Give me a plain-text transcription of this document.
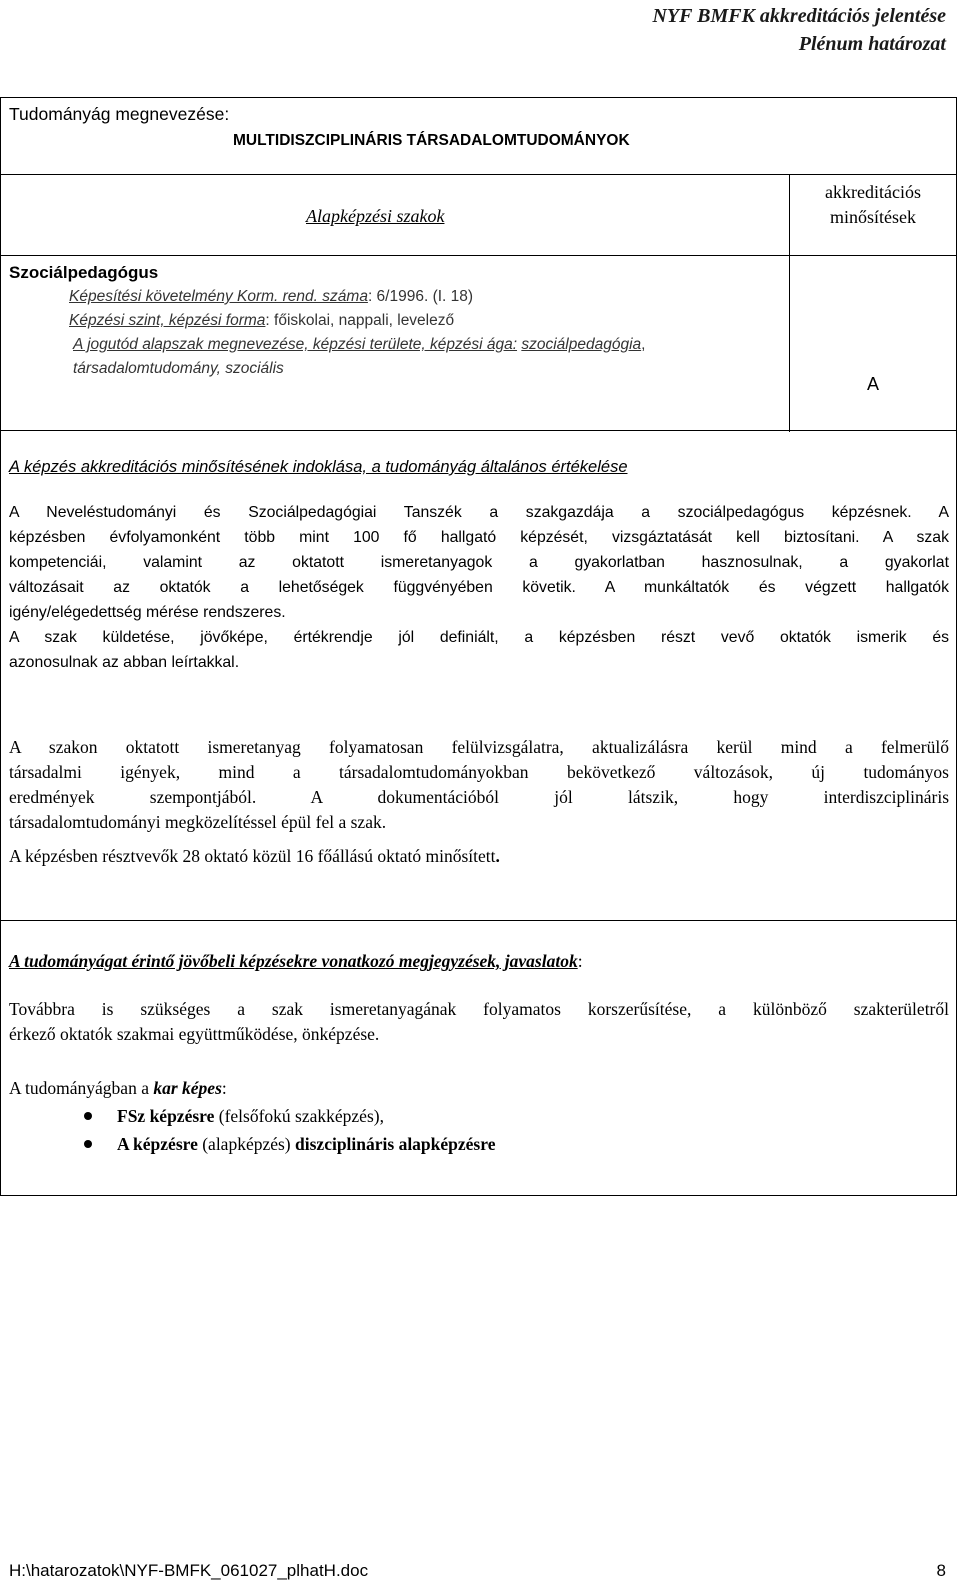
NYF BMFK akkreditációs jelentése
Plénum határozat
Tudományág megnevezése:
MULTIDISZCIPLINÁRIS TÁRSADALOMTUDOMÁNYOK
Alapképzési szakok
akkreditációs
minősítések
Szociálpedagógus
Képesítési követelmény Korm. rend. száma: 6/1996. (I. 18)
Képzési szint, képzési forma: főiskolai, nappali, levelező
A jogutód alapszak megnevezése, képzési területe, képzési ága: szociálpedagógia,
társadalomtudomány, szociális
A
A képzés akkreditációs minősítésének indoklása, a tudományág általános értékelése
A Neveléstudományi és Szociálpedagógiai Tanszék a szakgazdája a szociálpedagógus képzésnek. A
képzésben évfolyamonként több mint 100 fő hallgató képzését, vizsgáztatását kell biztosítani. A szak
kompetenciái, valamint az oktatott ismeretanyagok a gyakorlatban hasznosulnak, a gyakorlat
változásait az oktatók a lehetőségek függvényében követik. A munkáltatók és végzett hallgatók
igény/elégedettség mérése rendszeres.
A szak küldetése, jövőképe, értékrendje jól definiált, a képzésben részt vevő oktatók ismerik és
azonosulnak az abban leírtakkal.
A szakon oktatott ismeretanyag folyamatosan felülvizsgálatra, aktualizálásra kerül mind a felmerülő
társadalmi igények, mind a társadalomtudományokban bekövetkező változások, új tudományos
eredmények szempontjából. A dokumentációból jól látszik, hogy interdiszciplináris
társadalomtudományi megközelítéssel épül fel a szak.
A képzésben résztvevők 28 oktató közül 16 főállású oktató minősített.
A tudományágat érintő jövőbeli képzésekre vonatkozó megjegyzések, javaslatok:
Továbbra is szükséges a szak ismeretanyagának folyamatos korszerűsítése, a különböző szakterületről
érkező oktatók szakmai együttműködése, önképzése.
A tudományágban a kar képes:
FSz képzésre (felsőfokú szakképzés),
A képzésre (alapképzés) diszciplináris alapképzésre
H:\hatarozatok\NYF-BMFK_061027_plhatH.doc	8
